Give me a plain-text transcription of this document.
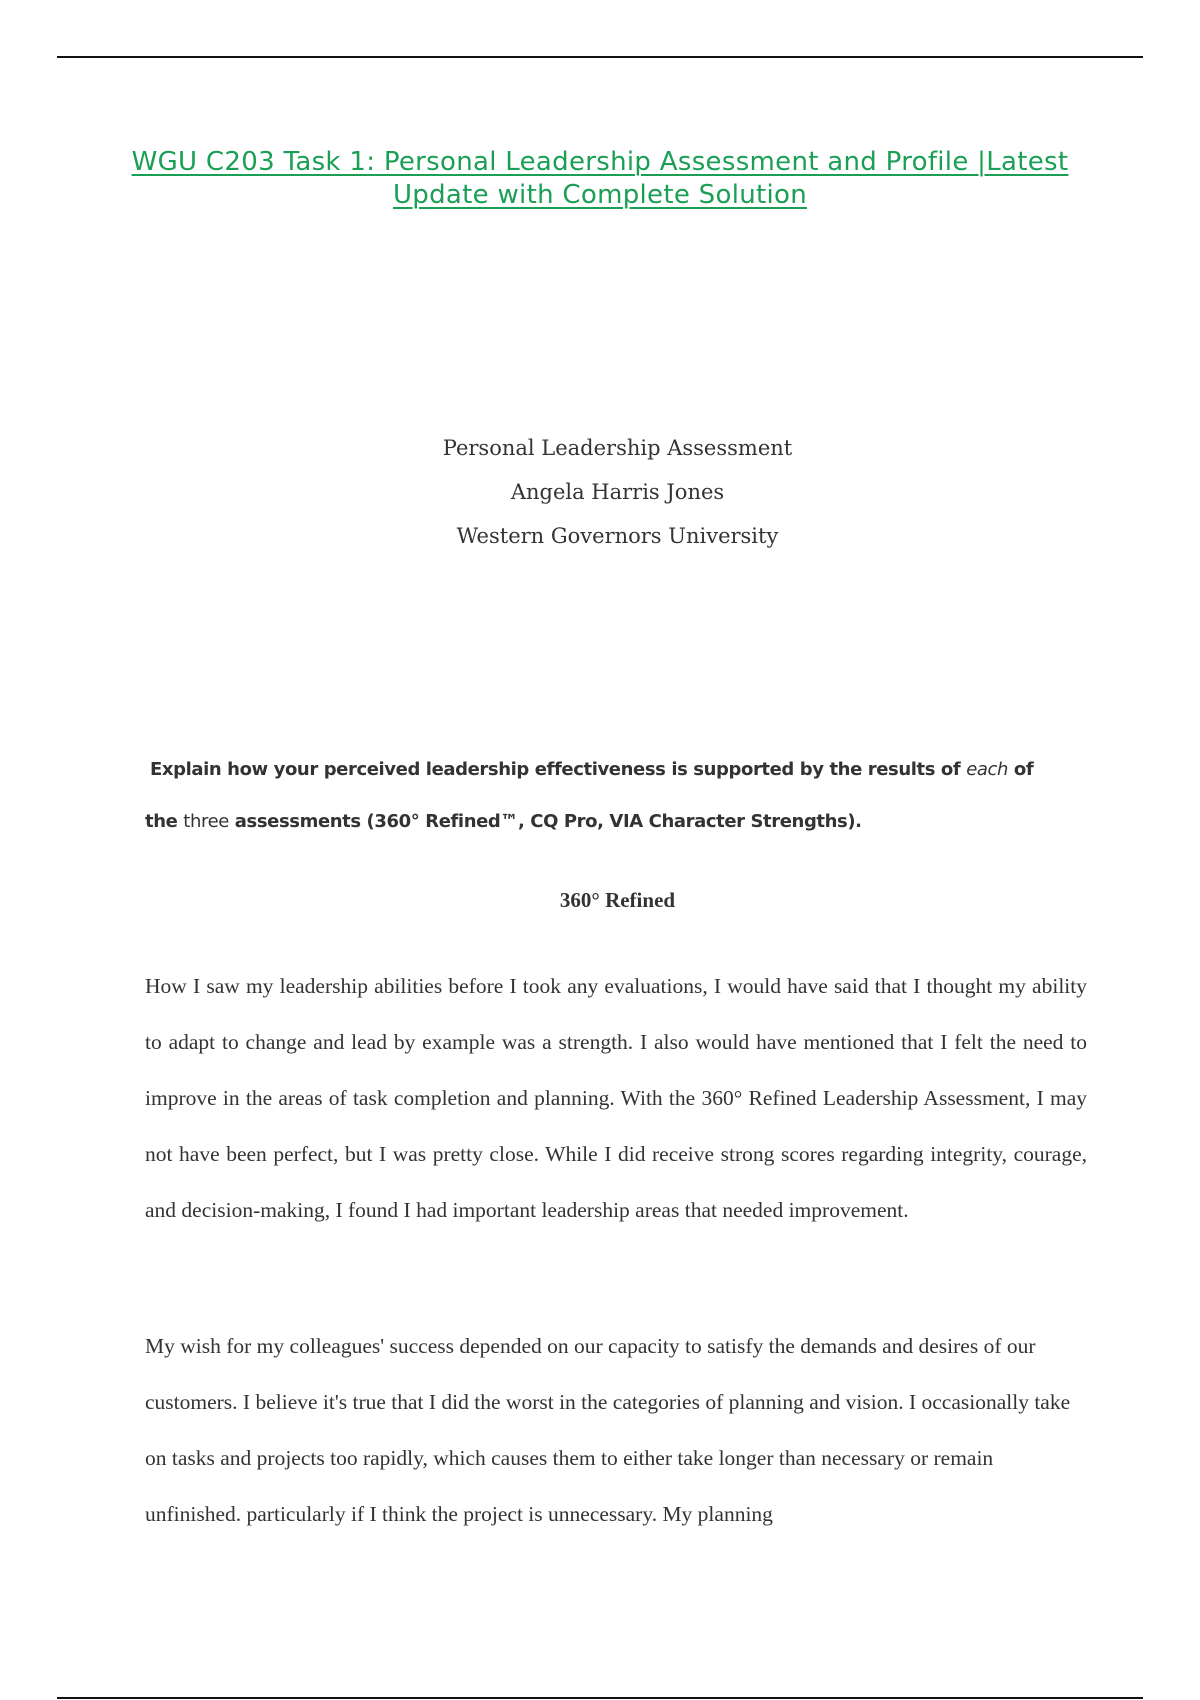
WGU C203 Task 1: Personal Leadership Assessment and Profile |Latest Update with Complete Solution
Personal Leadership Assessment
Angela Harris Jones
Western Governors University

Explain how your perceived leadership effectiveness is supported by the results of each of

the three assessments (360° Refined™, CQ Pro, VIA Character Strengths).

360° Refined

How I saw my leadership abilities before I took any evaluations, I would have said that I thought my ability to adapt to change and lead by example was a strength. I also would have mentioned that I felt the need to improve in the areas of task completion and planning. With the 360° Refined Leadership Assessment, I may not have been perfect, but I was pretty close. While I did receive strong scores regarding integrity, courage, and decision-making, I found I had important leadership areas that needed improvement.

My wish for my colleagues' success depended on our capacity to satisfy the demands and desires of our customers. I believe it's true that I did the worst in the categories of planning and vision. I occasionally take on tasks and projects too rapidly, which causes them to either take longer than necessary or remain unfinished. particularly if I think the project is unnecessary. My planning
